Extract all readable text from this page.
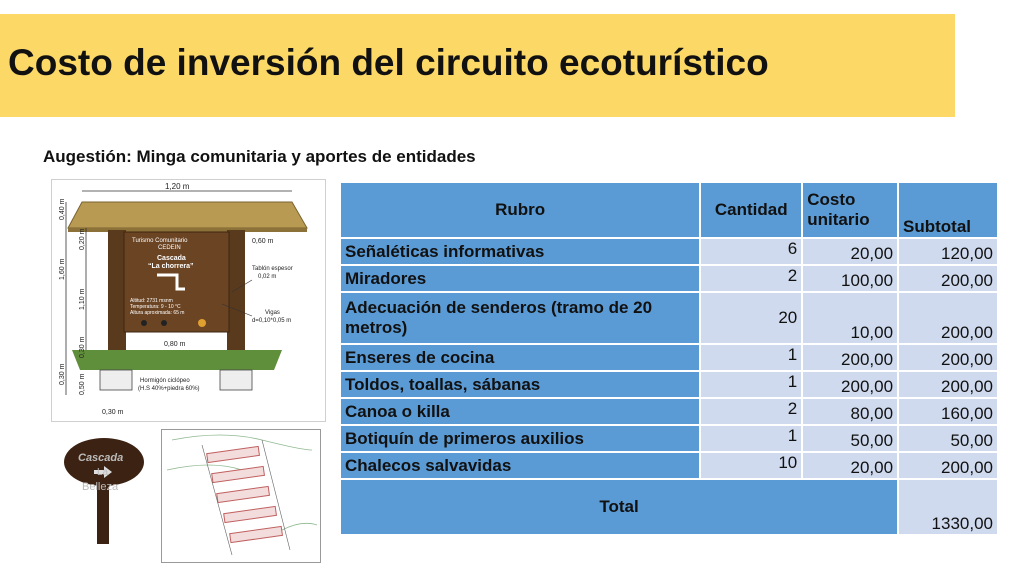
Costo de inversión del circuito ecoturístico
Augestión: Minga comunitaria y aportes de entidades
1,20 m
Turismo Comunitario
CEDEIN
Cascada
“La chorrera”
Altitud: 2731 msnm
Temperatura: 9 - 10 °C
Altura aproximada: 65 m
0,40 m
0,20 m
1,60 m
1,10 m
0,30 m
0,30 m 0,50 m
0,60 m
Tablón espesor
0,02 m
Vigas
d=0,10*0,05 m
0,80 m
Hormigón ciclópeo
(H.S 40%+piedra 60%)
0,30 m
Cascada
La
Belleza
Rubro	Cantidad	Costo unitario	Subtotal
Señaléticas informativas	6	20,00	120,00
Miradores	2	100,00	200,00
Adecuación de senderos (tramo de 20 metros)	20	10,00	200,00
Enseres de cocina	1	200,00	200,00
Toldos, toallas, sábanas	1	200,00	200,00
Canoa o killa	2	80,00	160,00
Botiquín de primeros auxilios	1	50,00	50,00
Chalecos salvavidas	10	20,00	200,00
Total			1330,00
